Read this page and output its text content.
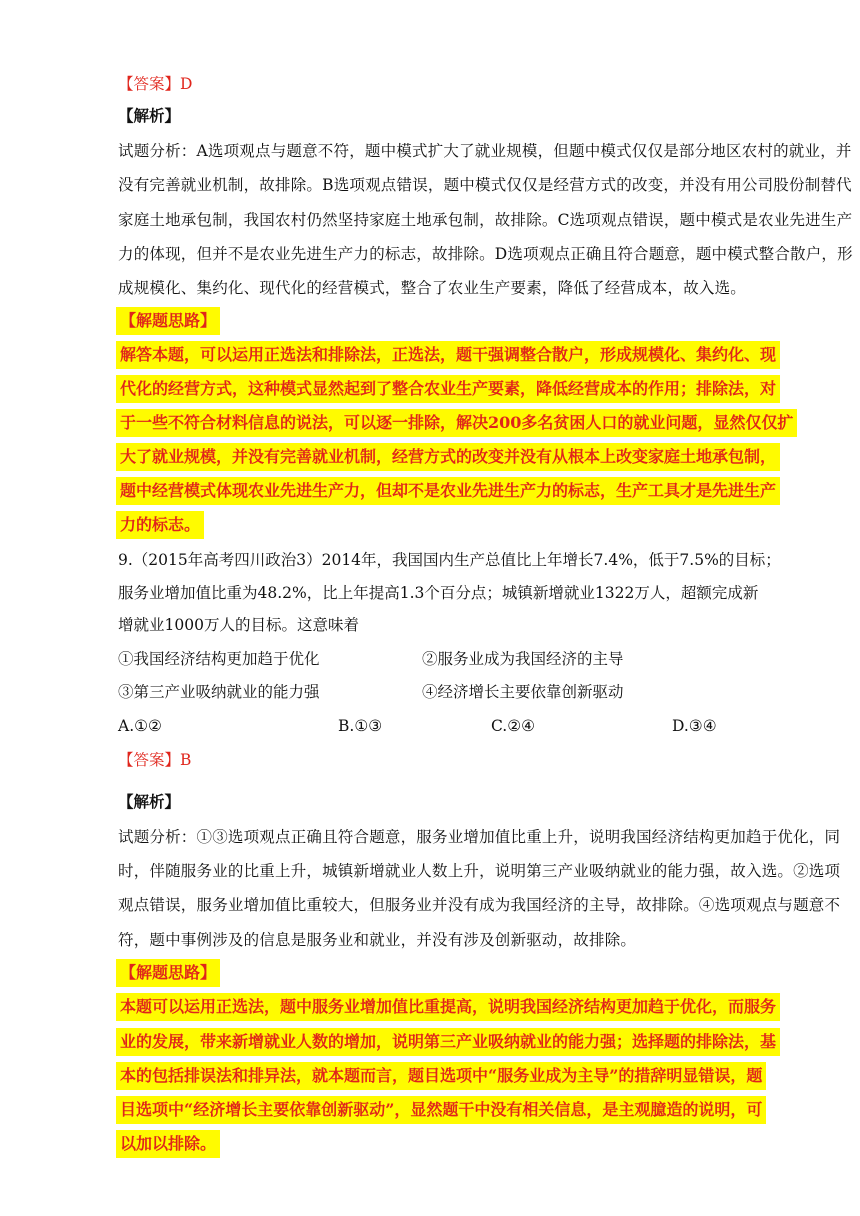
【答案】D
【解析】
试题分析：A选项观点与题意不符，题中模式扩大了就业规模，但题中模式仅仅是部分地区农村的就业，并
没有完善就业机制，故排除。B选项观点错误，题中模式仅仅是经营方式的改变，并没有用公司股份制替代
家庭土地承包制，我国农村仍然坚持家庭土地承包制，故排除。C选项观点错误，题中模式是农业先进生产
力的体现，但并不是农业先进生产力的标志，故排除。D选项观点正确且符合题意，题中模式整合散户，形
成规模化、集约化、现代化的经营模式，整合了农业生产要素，降低了经营成本，故入选。
【解题思路】
解答本题，可以运用正选法和排除法，正选法，题干强调整合散户，形成规模化、集约化、现
代化的经营方式，这种模式显然起到了整合农业生产要素，降低经营成本的作用；排除法，对
于一些不符合材料信息的说法，可以逐一排除，解决200多名贫困人口的就业问题，显然仅仅扩
大了就业规模，并没有完善就业机制，经营方式的改变并没有从根本上改变家庭土地承包制，
题中经营模式体现农业先进生产力，但却不是农业先进生产力的标志，生产工具才是先进生产
力的标志。
9.（2015年高考四川政治3）2014年，我国国内生产总值比上年增长7.4%，低于7.5%的目标；
服务业增加值比重为48.2%，比上年提高1.3个百分点；城镇新增就业1322万人，超额完成新
增就业1000万人的目标。这意味着
①我国经济结构更加趋于优化	②服务业成为我国经济的主导
③第三产业吸纳就业的能力强	④经济增长主要依靠创新驱动
A.①②	B.①③	C.②④	D.③④
【答案】B
【解析】
试题分析：①③选项观点正确且符合题意，服务业增加值比重上升，说明我国经济结构更加趋于优化，同
时，伴随服务业的比重上升，城镇新增就业人数上升，说明第三产业吸纳就业的能力强，故入选。②选项
观点错误，服务业增加值比重较大，但服务业并没有成为我国经济的主导，故排除。④选项观点与题意不
符，题中事例涉及的信息是服务业和就业，并没有涉及创新驱动，故排除。
【解题思路】
本题可以运用正选法，题中服务业增加值比重提高，说明我国经济结构更加趋于优化，而服务
业的发展，带来新增就业人数的增加，说明第三产业吸纳就业的能力强；选择题的排除法，基
本的包括排误法和排异法，就本题而言，题目选项中“服务业成为主导”的措辞明显错误，题
目选项中“经济增长主要依靠创新驱动”，显然题干中没有相关信息，是主观臆造的说明，可
以加以排除。
